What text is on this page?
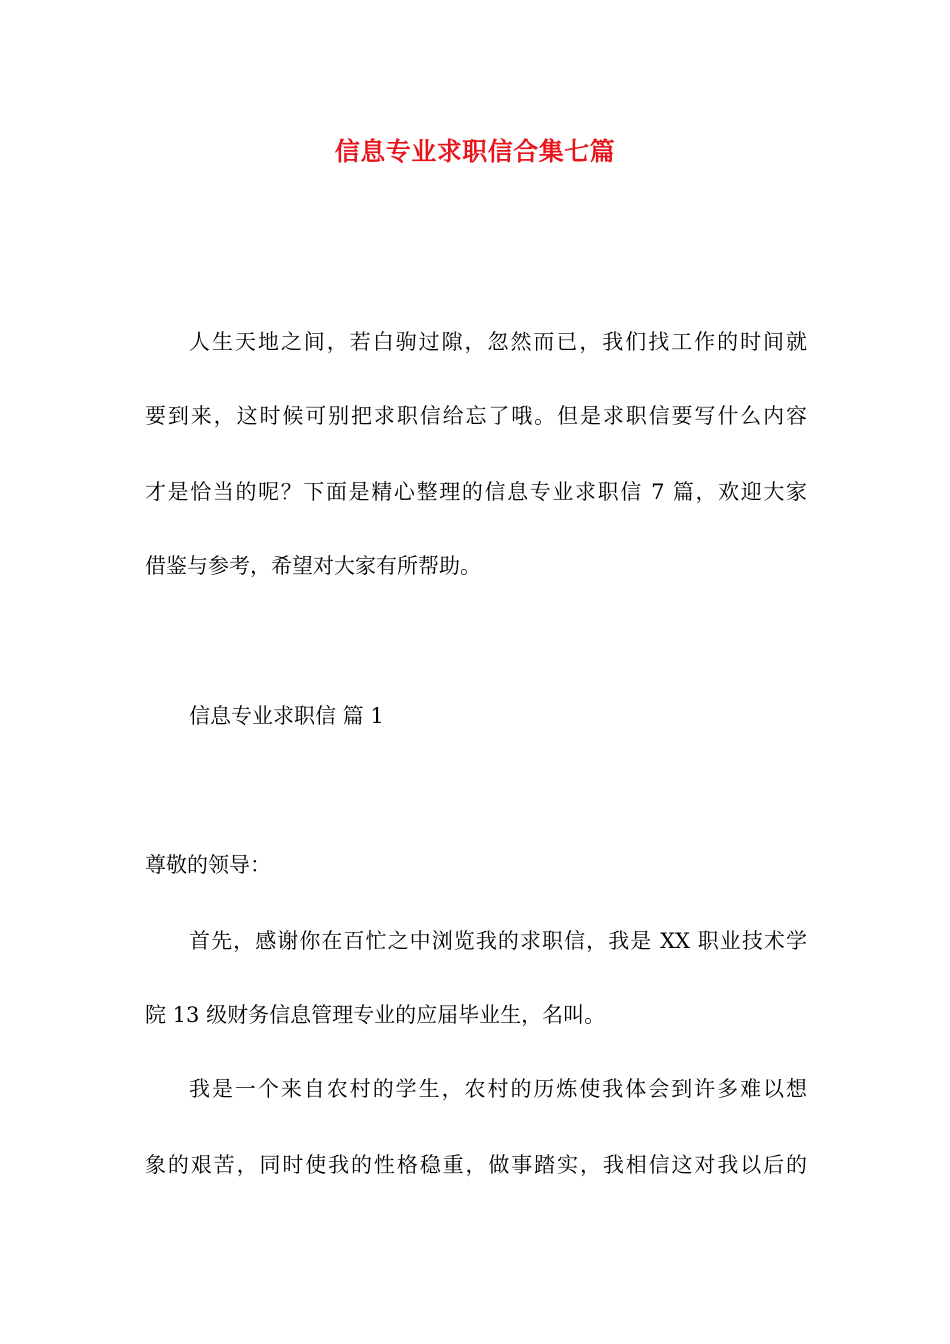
信息专业求职信合集七篇
人生天地之间，若白驹过隙，忽然而已，我们找工作的时间就
要到来，这时候可别把求职信给忘了哦。但是求职信要写什么内容
才是恰当的呢？下面是精心整理的信息专业求职信 7 篇，欢迎大家
借鉴与参考，希望对大家有所帮助。
信息专业求职信 篇 1
尊敬的领导：
首先，感谢你在百忙之中浏览我的求职信，我是 XX 职业技术学
院 13 级财务信息管理专业的应届毕业生，名叫。
我是一个来自农村的学生，农村的历炼使我体会到许多难以想
象的艰苦，同时使我的性格稳重，做事踏实，我相信这对我以后的
